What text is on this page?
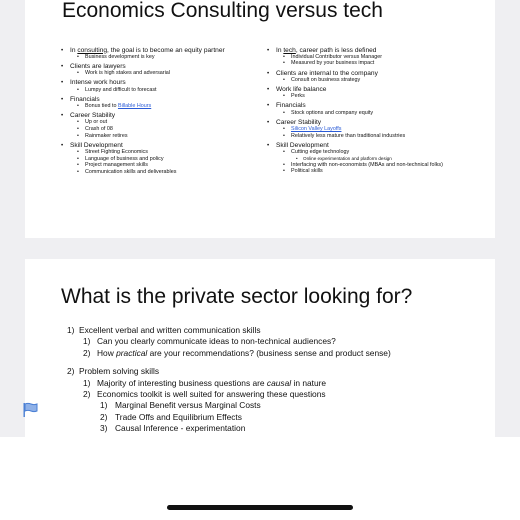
Economics Consulting versus tech
• In consulting, the goal is to become an equity partner
• Business development is key
• Clients are lawyers
• Work is high stakes and adversarial
• Intense work hours
• Lumpy and difficult to forecast
• Financials
• Bonus tied to Billable Hours
• Career Stability
• Up or out
• Crash of 08
• Rainmaker retires
• Skill Development
• Street Fighting Economics
• Language of business and policy
• Project management skills
• Communication skills and deliverables
• In tech, career path is less defined
• Individual Contributor versus Manager
• Measured by your business impact
• Clients are internal to the company
• Consult on business strategy
• Work life balance
• Perks
• Financials
• Stock options and company equity
• Career Stability
• Silicon Valley Layoffs
• Relatively less mature than traditional industries
• Skill Development
• Cutting edge technology
• Online experimentation and platform design
• Interfacing with non-economists (MBAs and non-technical folks)
• Political skills
What is the private sector looking for?
1) Excellent verbal and written communication skills
1) Can you clearly communicate ideas to non-technical audiences?
2) How practical are your recommendations? (business sense and product sense)
2) Problem solving skills
1) Majority of interesting business questions are causal in nature
2) Economics toolkit is well suited for answering these questions
1) Marginal Benefit versus Marginal Costs
2) Trade Offs and Equilibrium Effects
3) Causal Inference - experimentation
